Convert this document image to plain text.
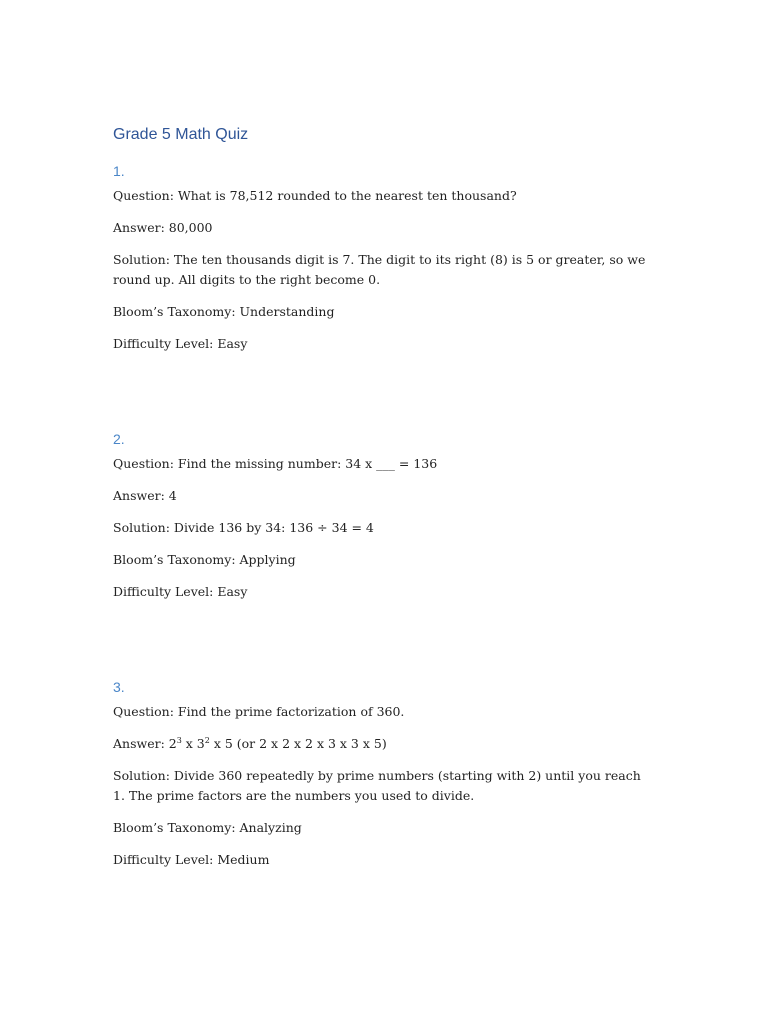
Grade 5 Math Quiz
1.
Question: What is 78,512 rounded to the nearest ten thousand?
Answer: 80,000
Solution: The ten thousands digit is 7. The digit to its right (8) is 5 or greater, so we round up. All digits to the right become 0.
Bloom’s Taxonomy: Understanding
Difficulty Level: Easy
2.
Question: Find the missing number: 34 x ___ = 136
Answer: 4
Solution: Divide 136 by 34: 136 ÷ 34 = 4
Bloom’s Taxonomy: Applying
Difficulty Level: Easy
3.
Question: Find the prime factorization of 360.
Answer: $2^3$ x $3^2$ x 5 (or 2 x 2 x 2 x 3 x 3 x 5)
Solution: Divide 360 repeatedly by prime numbers (starting with 2) until you reach 1. The prime factors are the numbers you used to divide.
Bloom’s Taxonomy: Analyzing
Difficulty Level: Medium
